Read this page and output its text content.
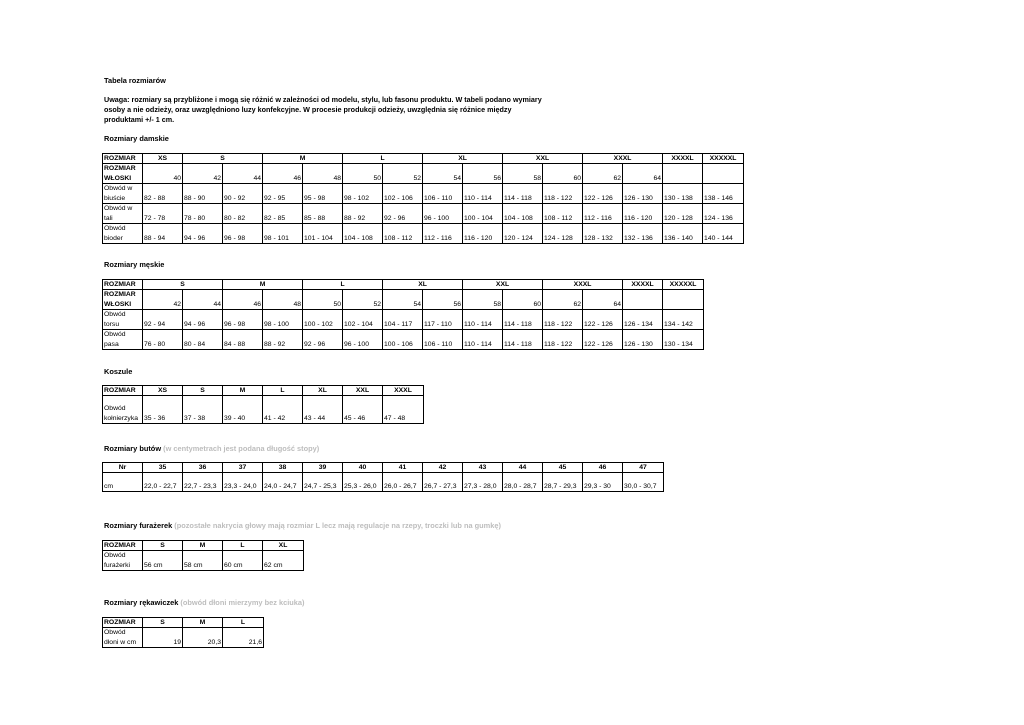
Tabela rozmiarów
Uwaga: rozmiary są przybliżone i mogą się różnić w zależności od modelu, stylu, lub fasonu produktu. W tabeli podano wymiary osoby a nie odzieży, oraz uwzględniono luzy konfekcyjne. W procesie produkcji odzieży, uwzględnia się różnice między produktami +/- 1 cm.
Rozmiary damskie
ROZMIAR	XS	S		M		L		XL		XXL		XXXL		XXXXL	XXXXXL
ROZMIAR WŁOSKI	40	42	44	46	48	50	52	54	56	58	60	62	64		
Obwód w biuście	82 - 88	88 - 90	90 - 92	92 - 95	95 - 98	98 - 102	102 - 106	106 - 110	110 - 114	114 - 118	118 - 122	122 - 126	126 - 130	130 - 138	138 - 146
Obwód w tali	72 - 78	78 - 80	80 - 82	82 - 85	85 - 88	88 - 92	92 - 96	96 - 100	100 - 104	104 - 108	108 - 112	112 - 116	116 - 120	120 - 128	124 - 136
Obwód bioder	88 - 94	94 - 96	96 - 98	98 - 101	101 - 104	104 - 108	108 - 112	112 - 116	116 - 120	120 - 124	124 - 128	128 - 132	132 - 136	136 - 140	140 - 144
Rozmiary męskie
ROZMIAR	S		M		L		XL		XXL		XXXL		XXXXL	XXXXXL
ROZMIAR WŁOSKI	42	44	46	48	50	52	54	56	58	60	62	64		
Obwód torsu	92 - 94	94 - 96	96 - 98	98 - 100	100 - 102	102 - 104	104 - 117	117 - 110	110 - 114	114 - 118	118 - 122	122 - 126	126 - 134	134 - 142
Obwód pasa	76 - 80	80 - 84	84 - 88	88 - 92	92 - 96	96 - 100	100 - 106	106 - 110	110 - 114	114 - 118	118 - 122	122 - 126	126 - 130	130 - 134
Koszule
ROZMIAR	XS	S	M	L	XL	XXL	XXXL
Obwód kołnierzyka	35 - 36	37 - 38	39 - 40	41 - 42	43 - 44	45 - 46	47 - 48
Rozmiary butów (w centymetrach jest podana długość stopy)
Nr	35	36	37	38	39	40	41	42	43	44	45	46	47
cm	22,0 - 22,7	22,7 - 23,3	23,3 - 24,0	24,0 - 24,7	24,7 - 25,3	25,3 - 26,0	26,0 - 26,7	26,7 - 27,3	27,3 - 28,0	28,0 - 28,7	28,7 - 29,3	29,3 - 30	30,0 - 30,7
Rozmiary furażerek (pozostałe nakrycia głowy mają rozmiar L lecz mają regulacje na rzepy, troczki lub na gumkę)
ROZMIAR	S	M	L	XL
Obwód furażerki	56 cm	58 cm	60 cm	62 cm
Rozmiary rękawiczek (obwód dłoni mierzymy bez kciuka)
ROZMIAR	S	M	L
Obwód dłoni w cm	19	20,3	21,6
